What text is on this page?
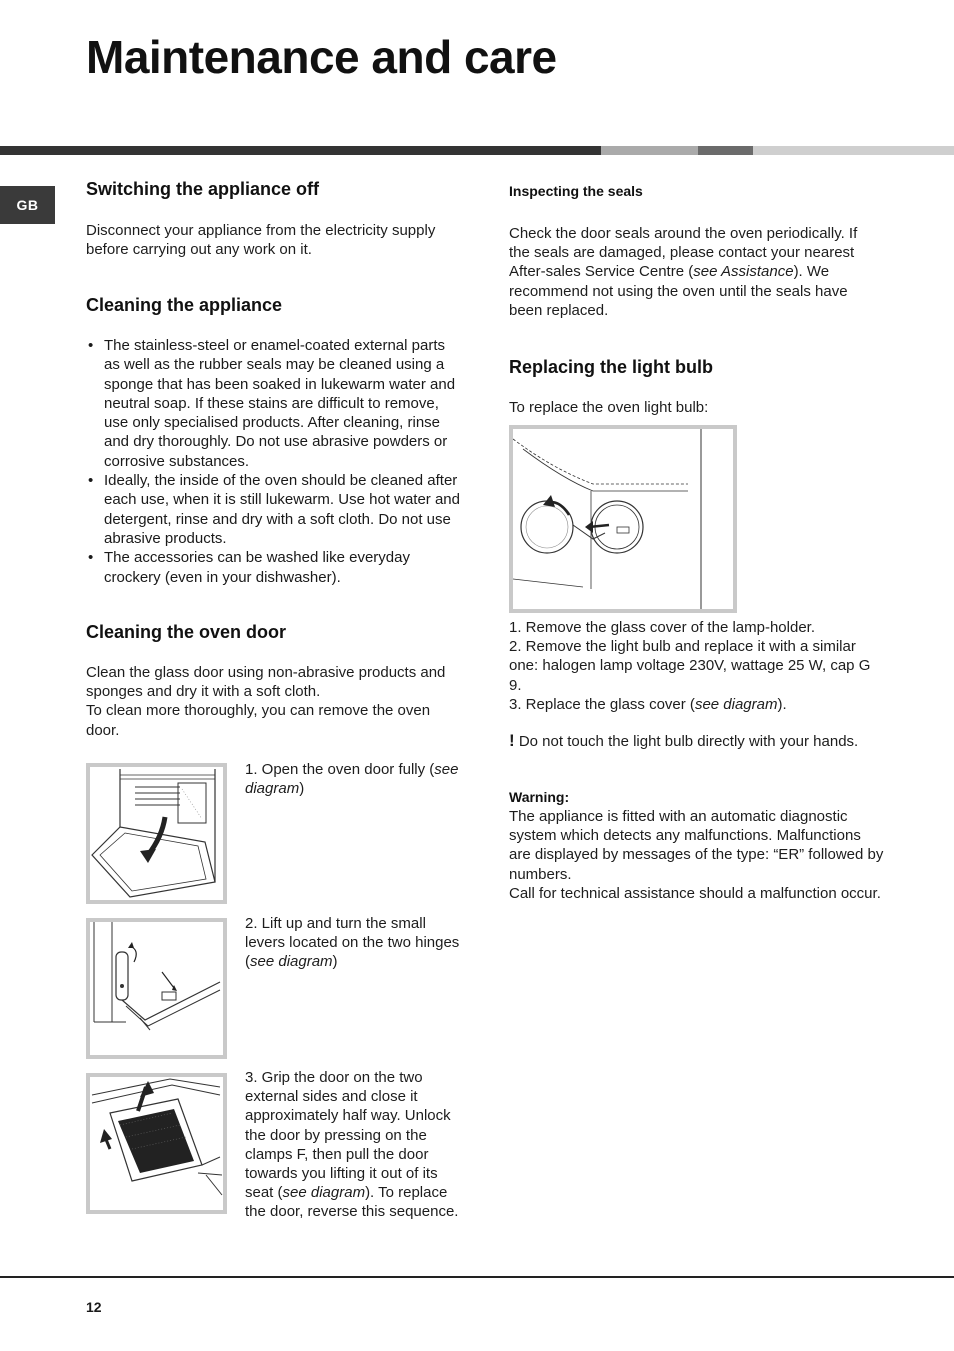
Maintenance and care
GB
Switching the appliance off

Disconnect your appliance from the electricity supply before carrying out any work on it.

Cleaning the appliance
• The stainless-steel or enamel-coated external parts as well as the rubber seals may be cleaned using a sponge that has been soaked in lukewarm water and neutral soap. If these stains are difficult to remove, use only specialised products. After cleaning, rinse and dry thoroughly. Do not use abrasive powders or corrosive substances.
• Ideally, the inside of the oven should be cleaned after each use, when it is still lukewarm. Use hot water and detergent, rinse and dry with a soft cloth. Do not use abrasive products.
• The accessories can be washed like everyday crockery (even in your dishwasher).
Cleaning the oven door

Clean the glass door using non-abrasive products and sponges and dry it with a soft cloth.

To clean more thoroughly, you can remove the oven door.

1. Open the oven door fully (see diagram)
2. Lift up and turn the small levers located on the two hinges (see diagram)
3. Grip the door on the two external sides and close it approximately half way. Unlock the door by pressing on the clamps F, then pull the door towards you lifting it out of its seat (see diagram). To replace the door, reverse this sequence.
Inspecting the seals
Check the door seals around the oven periodically. If the seals are damaged, please contact your nearest After-sales Service Centre (see Assistance). We recommend not using the oven until the seals have been replaced.
Replacing the light bulb
To replace the oven light bulb:

1. Remove the glass cover of the lamp-holder.

2. Remove the light bulb and replace it with a similar one: halogen lamp voltage 230V, wattage 25 W, cap G 9.

3. Replace the glass cover (see diagram).

! Do not touch the light bulb directly with your hands.
Warning:

The appliance is fitted with an automatic diagnostic system which detects any malfunctions. Malfunctions are displayed by messages of the type: “ER” followed by numbers.

Call for technical assistance should a malfunction occur.

12
